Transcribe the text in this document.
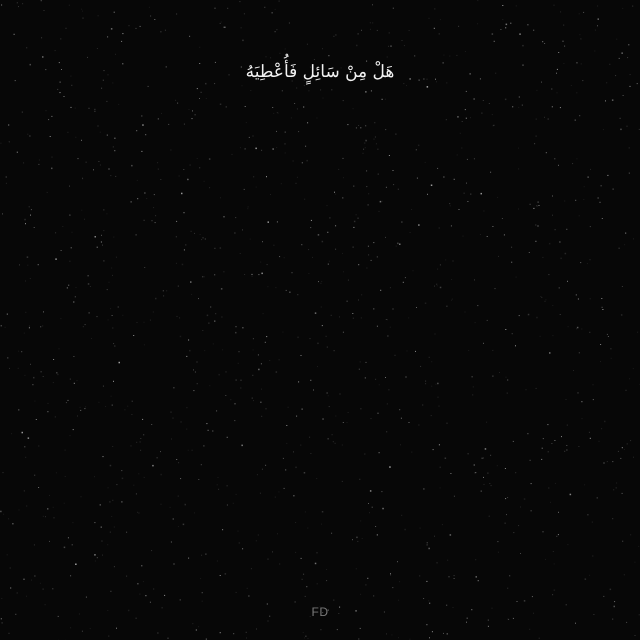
هَلْ مِنْ سَائِلٍ فَأُعْطِيَهُ
FD
